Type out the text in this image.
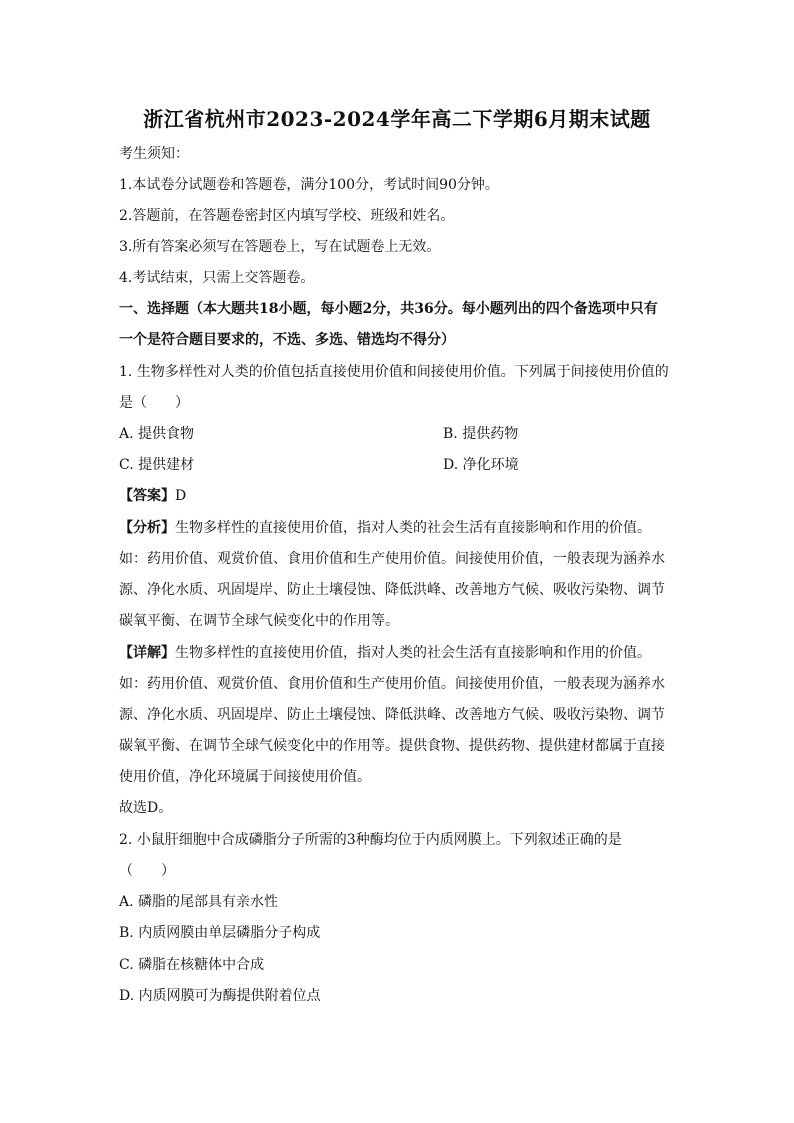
浙江省杭州市2023-2024学年高二下学期6月期末试题
考生须知：
1.本试卷分试题卷和答题卷，满分100分，考试时间90分钟。
2.答题前，在答题卷密封区内填写学校、班级和姓名。
3.所有答案必须写在答题卷上，写在试题卷上无效。
4.考试结束，只需上交答题卷。
一、选择题（本大题共18小题，每小题2分，共36分。每小题列出的四个备选项中只有
一个是符合题目要求的，不选、多选、错选均不得分）
1. 生物多样性对人类的价值包括直接使用价值和间接使用价值。下列属于间接使用价值的
是（　　）
A. 提供食物	B. 提供药物
C. 提供建材	D. 净化环境
【答案】D
【分析】生物多样性的直接使用价值，指对人类的社会生活有直接影响和作用的价值。
如：药用价值、观赏价值、食用价值和生产使用价值。间接使用价值，一般表现为涵养水
源、净化水质、巩固堤岸、防止土壤侵蚀、降低洪峰、改善地方气候、吸收污染物、调节
碳氧平衡、在调节全球气候变化中的作用等。
【详解】生物多样性的直接使用价值，指对人类的社会生活有直接影响和作用的价值。
如：药用价值、观赏价值、食用价值和生产使用价值。间接使用价值，一般表现为涵养水
源、净化水质、巩固堤岸、防止土壤侵蚀、降低洪峰、改善地方气候、吸收污染物、调节
碳氧平衡、在调节全球气候变化中的作用等。提供食物、提供药物、提供建材都属于直接
使用价值，净化环境属于间接使用价值。
故选D。
2. 小鼠肝细胞中合成磷脂分子所需的3种酶均位于内质网膜上。下列叙述正确的是
（　　）
A. 磷脂的尾部具有亲水性
B. 内质网膜由单层磷脂分子构成
C. 磷脂在核糖体中合成
D. 内质网膜可为酶提供附着位点
